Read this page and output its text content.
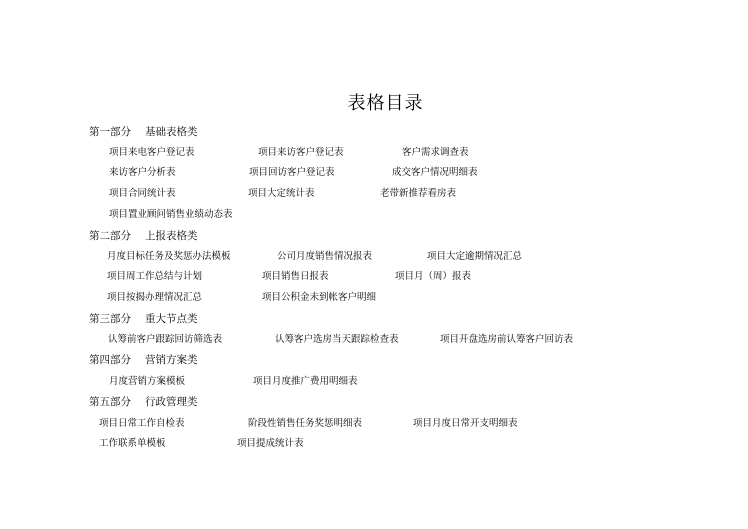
表格目录
第一部分 基础表格类
项目来电客户登记表	项目来访客户登记表	客户需求调查表
来访客户分析表	项目回访客户登记表	成交客户情况明细表
项目合同统计表	项目大定统计表	老带新推荐看房表
项目置业顾问销售业绩动态表
第二部分 上报表格类
月度目标任务及奖惩办法模板	公司月度销售情况报表	项目大定逾期情况汇总
项目周工作总结与计划	项目销售日报表	项目月（周）报表
项目按揭办理情况汇总	项目公积金未到帐客户明细
第三部分 重大节点类
认筹前客户跟踪回访筛选表	认筹客户选房当天跟踪检查表	项目开盘选房前认筹客户回访表
第四部分 营销方案类
月度营销方案模板	项目月度推广费用明细表
第五部分 行政管理类
项目日常工作自检表	阶段性销售任务奖惩明细表	项目月度日常开支明细表
工作联系单模板	项目提成统计表
